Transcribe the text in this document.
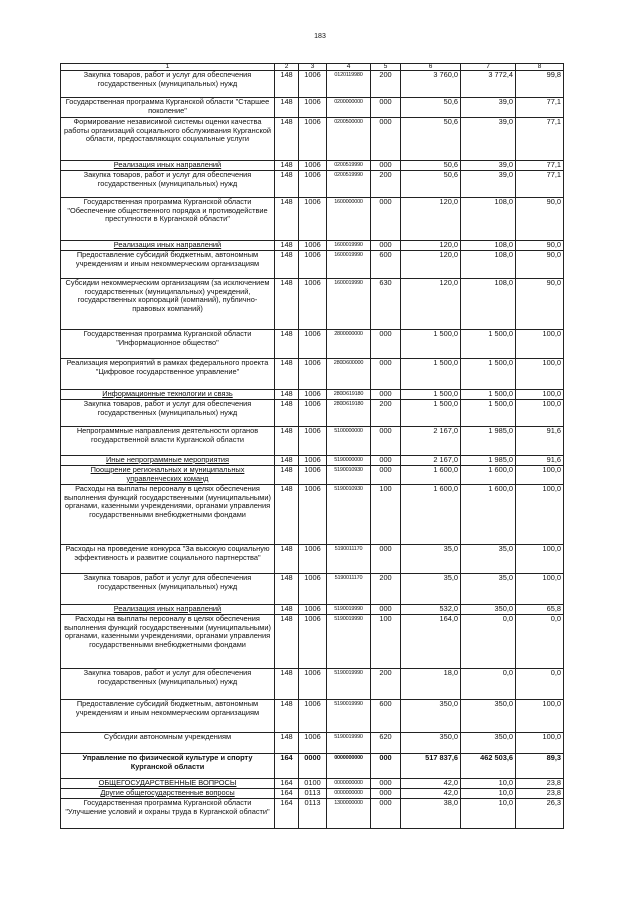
183
1	2	3	4	5	6	7	8
Закупка товаров, работ и услуг для обеспечения государственных (муниципальных) нужд	148	1006	0120119980	200	3 760,0	3 772,4	99,8
Государственная программа Курганской области "Старшее поколение"	148	1006	0200000000	000	50,6	39,0	77,1
Формирование независимой системы оценки качества работы организаций социального обслуживания Курганской области, предоставляющих социальные услуги	148	1006	0200500000	000	50,6	39,0	77,1
Реализация иных направлений	148	1006	0200519990	000	50,6	39,0	77,1
Закупка товаров, работ и услуг для обеспечения государственных (муниципальных) нужд	148	1006	0200519990	200	50,6	39,0	77,1
Государственная программа Курганской области "Обеспечение общественного порядка и противодействие преступности в Курганской области"	148	1006	1600000000	000	120,0	108,0	90,0
Реализация иных направлений	148	1006	1600019990	000	120,0	108,0	90,0
Предоставление субсидий бюджетным, автономным учреждениям и иным некоммерческим организациям	148	1006	1600019990	600	120,0	108,0	90,0
Субсидии некоммерческим организациям (за исключением государственных (муниципальных) учреждений, государственных корпораций (компаний), публично-правовых компаний)	148	1006	1600019990	630	120,0	108,0	90,0
Государственная программа Курганской области "Информационное общество"	148	1006	2800000000	000	1 500,0	1 500,0	100,0
Реализация мероприятий в рамках федерального проекта "Цифровое государственное управление"	148	1006	280D600000	000	1 500,0	1 500,0	100,0
Информационные технологии и связь	148	1006	280D619180	000	1 500,0	1 500,0	100,0
Закупка товаров, работ и услуг для обеспечения государственных (муниципальных) нужд	148	1006	280D619180	200	1 500,0	1 500,0	100,0
Непрограммные направления деятельности органов государственной власти Курганской области	148	1006	5100000000	000	2 167,0	1 985,0	91,6
Иные непрограммные мероприятия	148	1006	5190000000	000	2 167,0	1 985,0	91,6
Поощрение региональных и муниципальных управленческих команд	148	1006	5190010930	000	1 600,0	1 600,0	100,0
Расходы на выплаты персоналу в целях обеспечения выполнения функций государственными (муниципальными) органами, казенными учреждениями, органами управления государственными внебюджетными фондами	148	1006	5190010930	100	1 600,0	1 600,0	100,0
Расходы на проведение конкурса "За высокую социальную эффективность и развитие социального партнерства"	148	1006	5190011170	000	35,0	35,0	100,0
Закупка товаров, работ и услуг для обеспечения государственных (муниципальных) нужд	148	1006	5190011170	200	35,0	35,0	100,0
Реализация иных направлений	148	1006	5190019990	000	532,0	350,0	65,8
Расходы на выплаты персоналу в целях обеспечения выполнения функций государственными (муниципальными) органами, казенными учреждениями, органами управления государственными внебюджетными фондами	148	1006	5190019990	100	164,0	0,0	0,0
Закупка товаров, работ и услуг для обеспечения государственных (муниципальных) нужд	148	1006	5190019990	200	18,0	0,0	0,0
Предоставление субсидий бюджетным, автономным учреждениям и иным некоммерческим организациям	148	1006	5190019990	600	350,0	350,0	100,0
Субсидии автономным учреждениям	148	1006	5190019990	620	350,0	350,0	100,0
Управление по физической культуре и спорту Курганской области	164	0000	0000000000	000	517 837,6	462 503,6	89,3
ОБЩЕГОСУДАРСТВЕННЫЕ ВОПРОСЫ	164	0100	0000000000	000	42,0	10,0	23,8
Другие общегосударственные вопросы	164	0113	0000000000	000	42,0	10,0	23,8
Государственная программа Курганской области "Улучшение условий и охраны труда в Курганской области"	164	0113	1300000000	000	38,0	10,0	26,3
